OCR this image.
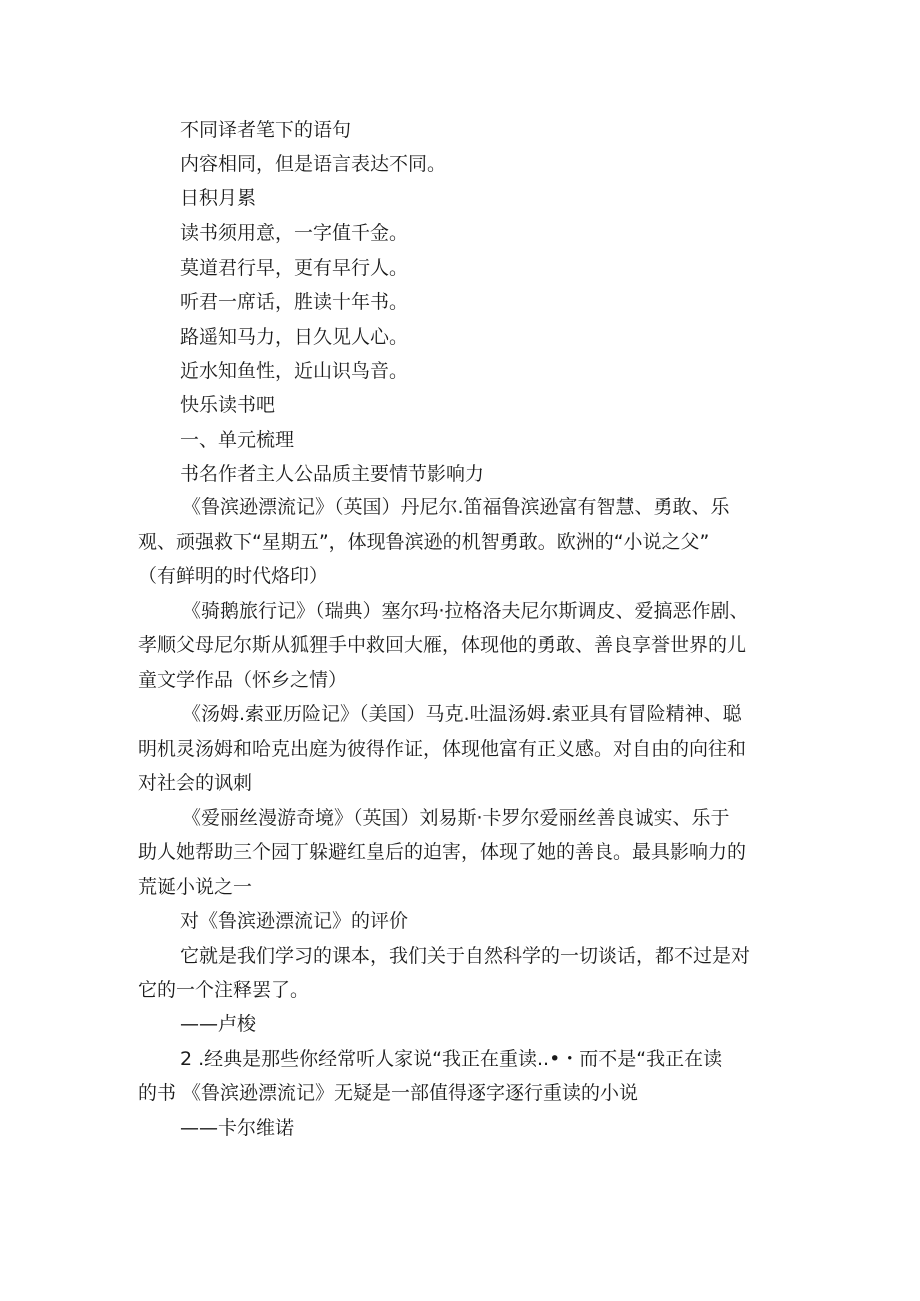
不同译者笔下的语句
内容相同，但是语言表达不同。
日积月累
读书须用意，一字值千金。
莫道君行早，更有早行人。
听君一席话，胜读十年书。
路遥知马力，日久见人心。
近水知鱼性，近山识鸟音。
快乐读书吧
一、单元梳理
书名作者主人公品质主要情节影响力
《鲁滨逊漂流记》（英国）丹尼尔.笛福鲁滨逊富有智慧、勇敢、乐
观、顽强救下“星期五”，体现鲁滨逊的机智勇敢。欧洲的“小说之父”
（有鲜明的时代烙印）
《骑鹅旅行记》（瑞典）塞尔玛·拉格洛夫尼尔斯调皮、爱搞恶作剧、
孝顺父母尼尔斯从狐狸手中救回大雁，体现他的勇敢、善良享誉世界的儿
童文学作品（怀乡之情）
《汤姆.索亚历险记》（美国）马克.吐温汤姆.索亚具有冒险精神、聪
明机灵汤姆和哈克出庭为彼得作证，体现他富有正义感。对自由的向往和
对社会的讽刺
《爱丽丝漫游奇境》（英国）刘易斯·卡罗尔爱丽丝善良诚实、乐于
助人她帮助三个园丁躲避红皇后的迫害，体现了她的善良。最具影响力的
荒诞小说之一
对《鲁滨逊漂流记》的评价
它就是我们学习的课本，我们关于自然科学的一切谈话，都不过是对
它的一个注释罢了。
——卢梭
2 .经典是那些你经常听人家说“我正在重读..•・而不是“我正在读
的书 《鲁滨逊漂流记》无疑是一部值得逐字逐行重读的小说
——卡尔维诺
